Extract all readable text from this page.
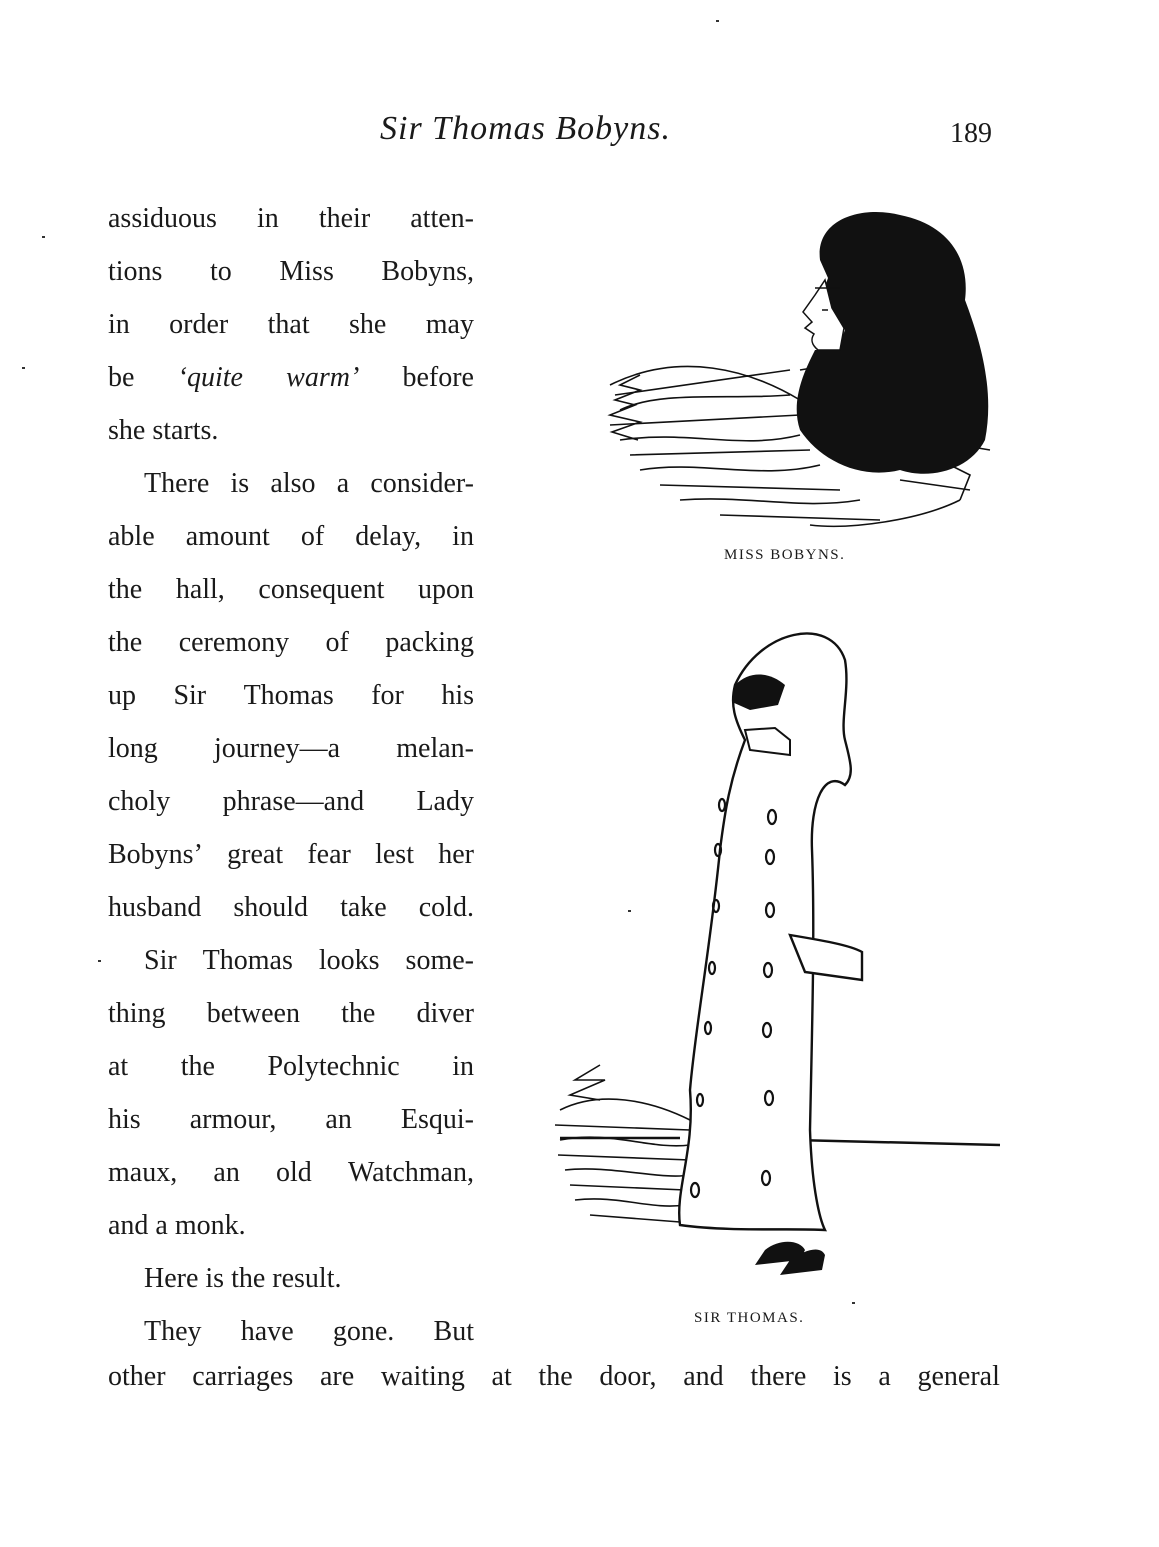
Sir Thomas Bobyns.	189
assiduous in their atten-
tions to Miss Bobyns,
in order that she may
be ‘quite warm’ before
she starts.
There is also a consider-
able amount of delay, in
the hall, consequent upon
the ceremony of packing
up Sir Thomas for his
long journey—a melan-
choly phrase—and Lady
Bobyns’ great fear lest her
husband should take cold.
Sir Thomas looks some-
thing between the diver
at the Polytechnic in
his armour, an Esqui-
maux, an old Watchman,
and a monk.
Here is the result.
They have gone. But
other carriages are waiting at the door, and there is a general
MISS BOBYNS.
SIR THOMAS.
